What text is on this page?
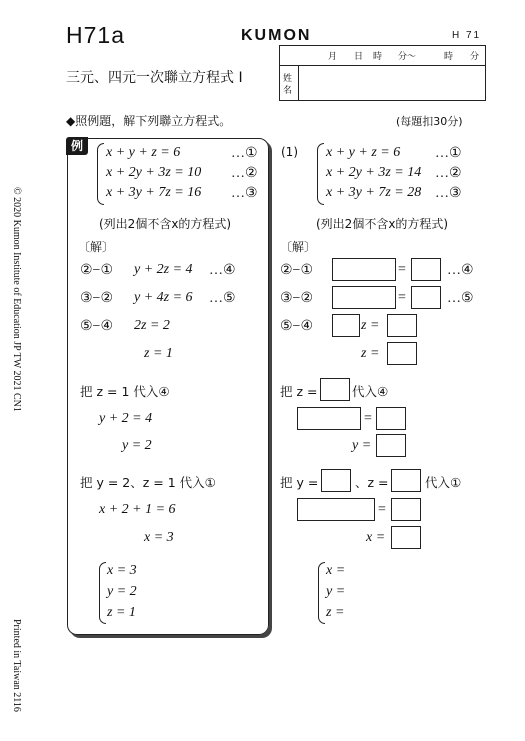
H71a	KUMON	H 71
月 日 時 分～	時 分
姓
名
三元、四元一次聯立方程式 I
© 2020 Kumon Institute of Education JP TW 2021 CN1
Printed in Taiwan 2116
◆照例題，解下列聯立方程式。	(每題扣30分)
例	x + y + z = 6	…①
x + 2y + 3z = 10 …②
x + 3y + 7z = 16 …③
(列出2個不含x的方程式)
〔解〕
②−① y + 2z = 4 …④
③−② y + 4z = 6 …⑤
⑤−④ 2z = 2
z = 1
把 z = 1 代入④
y + 2 = 4
y = 2
把 y = 2、z = 1 代入①
x + 2 + 1 = 6
x = 3
x = 3
y = 2
z = 1
(1) x + y + z = 6 …①
x + 2y + 3z = 14 …②
x + 3y + 7z = 28 …③
(列出2個不含x的方程式)
〔解〕
②−①	=	…④
③−②	=	…⑤
⑤−④	z =
z =
把 z =	代入④
=
y =
把 y =	、z =	代入①
=
x =
x =
y =
z =
